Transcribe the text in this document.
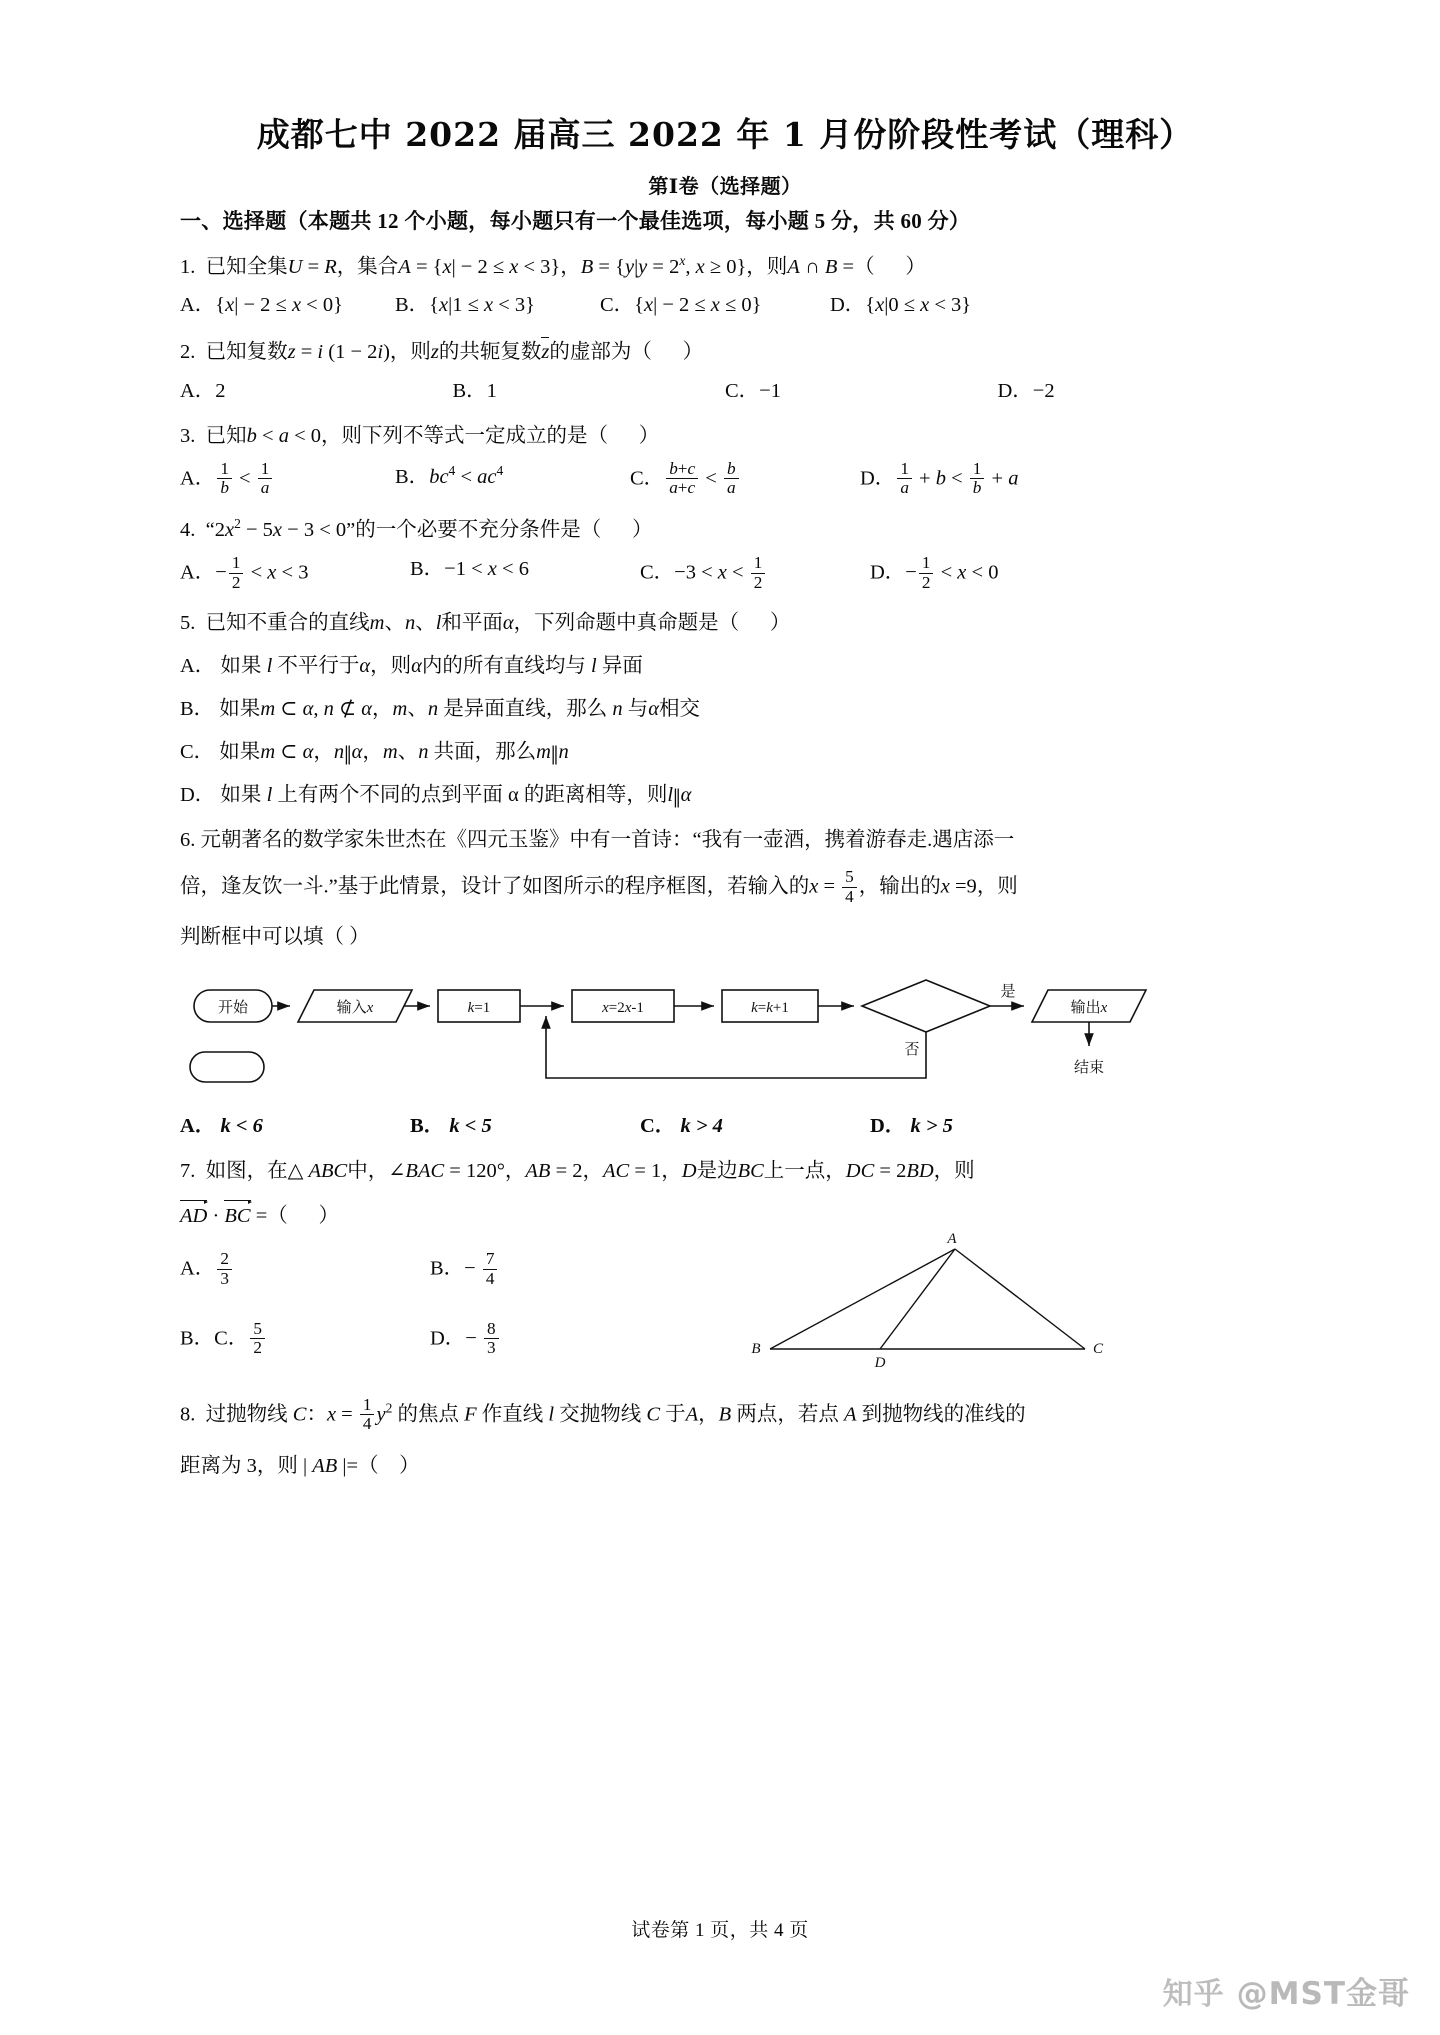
成都七中 2022 届高三 2022 年 1 月份阶段性考试（理科）
第Ⅰ卷（选择题）
一、选择题（本题共 12 个小题，每小题只有一个最佳选项，每小题 5 分，共 60 分）
1.  已知全集U = R，集合A = {x| − 2 ≤ x < 3}，$B = \{y|y = 2^x$, x ≥ 0}，则A ∩ B =（      ）
A．{x| − 2 ≤ x < 0}	B．{x|1 ≤ x < 3}	C．{x| − 2 ≤ x ≤ 0}	D．{x|0 ≤ x < 3}
2.  已知复数z = i (1 − 2i)，则z的共轭复数z的虚部为（      ）
A．2	B．1	C．−1	D．−2
3.  已知b < a < 0，则下列不等式一定成立的是（      ）
A． $\frac{1}{b} < \frac{1}{a}$	B．$bc^4 < ac^4$	C． $\frac{b+c}{a+c} < \frac{b}{a}$	D． $\frac{1}{a} + b < \frac{1}{b} + a$
4.  “$2x^2 - 5x - 3 < 0$”的一个必要不充分条件是（      ）
A．− $\frac{1}{2} < x < 3$	B．−1 < x < 6	C．$-3 < x < \frac{1}{2}$	D．− $\frac{1}{2} < x < 0$
5.  已知不重合的直线m、n、l和平面α，下列命题中真命题是（      ）
A． 如果 l 不平行于α，则α内的所有直线均与 l 异面
B． 如果m ⊂ α, n ⊄ α，m、n 是异面直线，那么 n 与α相交
C． 如果m ⊂ α，n∥α，m、n 共面，那么m∥n
D． 如果 l 上有两个不同的点到平面 α 的距离相等，则l∥α
6. 元朝著名的数学家朱世杰在《四元玉鉴》中有一首诗：“我有一壶酒，携着游春走.遇店添一
倍，逢友饮一斗.”基于此情景，设计了如图所示的程序框图，若输入的$x = \frac{5}{4}$ ，输出的x =9，则
判断框中可以填（ ）
开始	输入x	k=1	x=2x-1	k=k+1
是
否
输出x
结束
A． k < 6	B． k < 5	C． k > 4	D． k > 5
7.  如图，在△ ABC中，∠BAC = 120°，AB = 2，AC = 1，D是边BC上一点，DC = 2BD，则
AD · BC =（      ）
A． $\frac{2}{3}$	B．− $\frac{7}{4}$
B．C． $\frac{5}{2}$	D．− $\frac{8}{3}$
A
B	C
D
8.  过抛物线 C：$x = \frac{1}{4} y^2$ 的焦点 F 作直线 l 交抛物线 C 于A，B 两点，若点 A 到抛物线的准线的
距离为 3，则 | AB |=（    ）
试卷第 1 页，共 4 页
知乎 @MST金哥
